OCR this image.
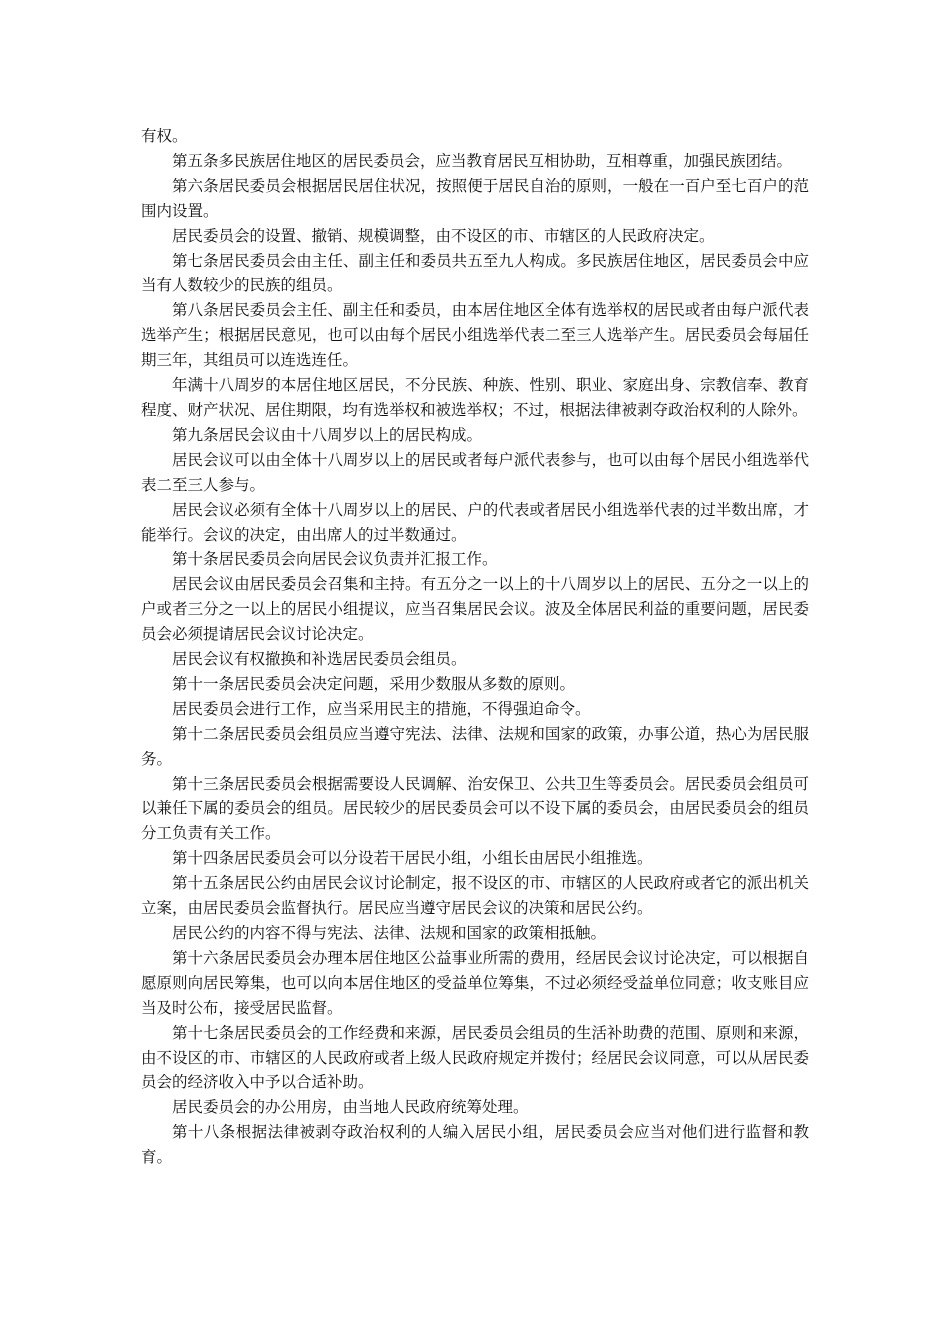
有权。

第五条多民族居住地区的居民委员会，应当教育居民互相协助，互相尊重，加强民族团结。

第六条居民委员会根据居民居住状况，按照便于居民自治的原则，一般在一百户至七百户的范围内设置。

居民委员会的设置、撤销、规模调整，由不设区的市、市辖区的人民政府决定。

第七条居民委员会由主任、副主任和委员共五至九人构成。多民族居住地区，居民委员会中应当有人数较少的民族的组员。

第八条居民委员会主任、副主任和委员，由本居住地区全体有选举权的居民或者由每户派代表选举产生；根据居民意见，也可以由每个居民小组选举代表二至三人选举产生。居民委员会每届任期三年，其组员可以连选连任。

年满十八周岁的本居住地区居民，不分民族、种族、性别、职业、家庭出身、宗教信奉、教育程度、财产状况、居住期限，均有选举权和被选举权；不过，根据法律被剥夺政治权利的人除外。

第九条居民会议由十八周岁以上的居民构成。

居民会议可以由全体十八周岁以上的居民或者每户派代表参与，也可以由每个居民小组选举代表二至三人参与。

居民会议必须有全体十八周岁以上的居民、户的代表或者居民小组选举代表的过半数出席，才能举行。会议的决定，由出席人的过半数通过。

第十条居民委员会向居民会议负责并汇报工作。

居民会议由居民委员会召集和主持。有五分之一以上的十八周岁以上的居民、五分之一以上的户或者三分之一以上的居民小组提议，应当召集居民会议。波及全体居民利益的重要问题，居民委员会必须提请居民会议讨论决定。

居民会议有权撤换和补选居民委员会组员。

第十一条居民委员会决定问题，采用少数服从多数的原则。

居民委员会进行工作，应当采用民主的措施，不得强迫命令。

第十二条居民委员会组员应当遵守宪法、法律、法规和国家的政策，办事公道，热心为居民服务。

第十三条居民委员会根据需要设人民调解、治安保卫、公共卫生等委员会。居民委员会组员可以兼任下属的委员会的组员。居民较少的居民委员会可以不设下属的委员会，由居民委员会的组员分工负责有关工作。

第十四条居民委员会可以分设若干居民小组，小组长由居民小组推选。

第十五条居民公约由居民会议讨论制定，报不设区的市、市辖区的人民政府或者它的派出机关立案，由居民委员会监督执行。居民应当遵守居民会议的决策和居民公约。

居民公约的内容不得与宪法、法律、法规和国家的政策相抵触。

第十六条居民委员会办理本居住地区公益事业所需的费用，经居民会议讨论决定，可以根据自愿原则向居民筹集，也可以向本居住地区的受益单位筹集，不过必须经受益单位同意；收支账目应当及时公布，接受居民监督。

第十七条居民委员会的工作经费和来源，居民委员会组员的生活补助费的范围、原则和来源，由不设区的市、市辖区的人民政府或者上级人民政府规定并拨付；经居民会议同意，可以从居民委员会的经济收入中予以合适补助。

居民委员会的办公用房，由当地人民政府统筹处理。

第十八条根据法律被剥夺政治权利的人编入居民小组，居民委员会应当对他们进行监督和教育。
